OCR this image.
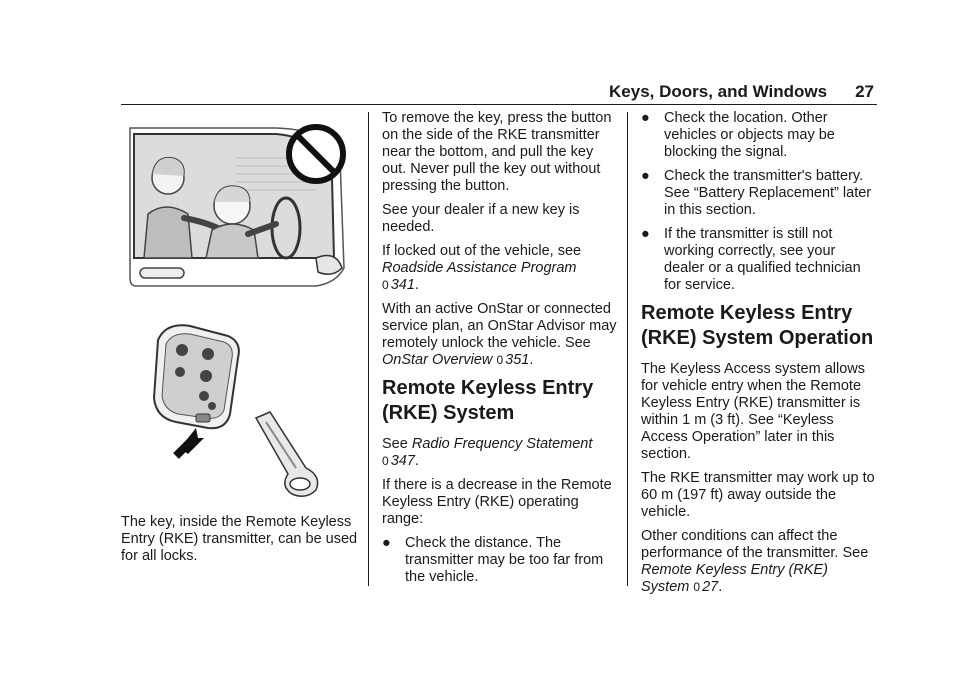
Keys, Doors, and Windows 27

The key, inside the Remote Keyless Entry (RKE) transmitter, can be used for all locks.

To remove the key, press the button on the side of the RKE transmitter near the bottom, and pull the key out. Never pull the key out without pressing the button.

See your dealer if a new key is needed.

If locked out of the vehicle, see
Roadside Assistance Program
0 341.

With an active OnStar or connected service plan, an OnStar Advisor may remotely unlock the vehicle. See OnStar Overview 0 351.

Remote Keyless Entry (RKE) System

See Radio Frequency Statement
0 347.

If there is a decrease in the Remote Keyless Entry (RKE) operating range:

● Check the distance. The transmitter may be too far from the vehicle.
● Check the location. Other vehicles or objects may be blocking the signal.
● Check the transmitter's battery. See “Battery Replacement” later in this section.
● If the transmitter is still not working correctly, see your dealer or a qualified technician for service.
Remote Keyless Entry (RKE) System Operation

The Keyless Access system allows for vehicle entry when the Remote Keyless Entry (RKE) transmitter is within 1 m (3 ft). See “Keyless Access Operation” later in this section.

The RKE transmitter may work up to 60 m (197 ft) away outside the vehicle.

Other conditions can affect the performance of the transmitter. See
Remote Keyless Entry (RKE) System 0 27.
